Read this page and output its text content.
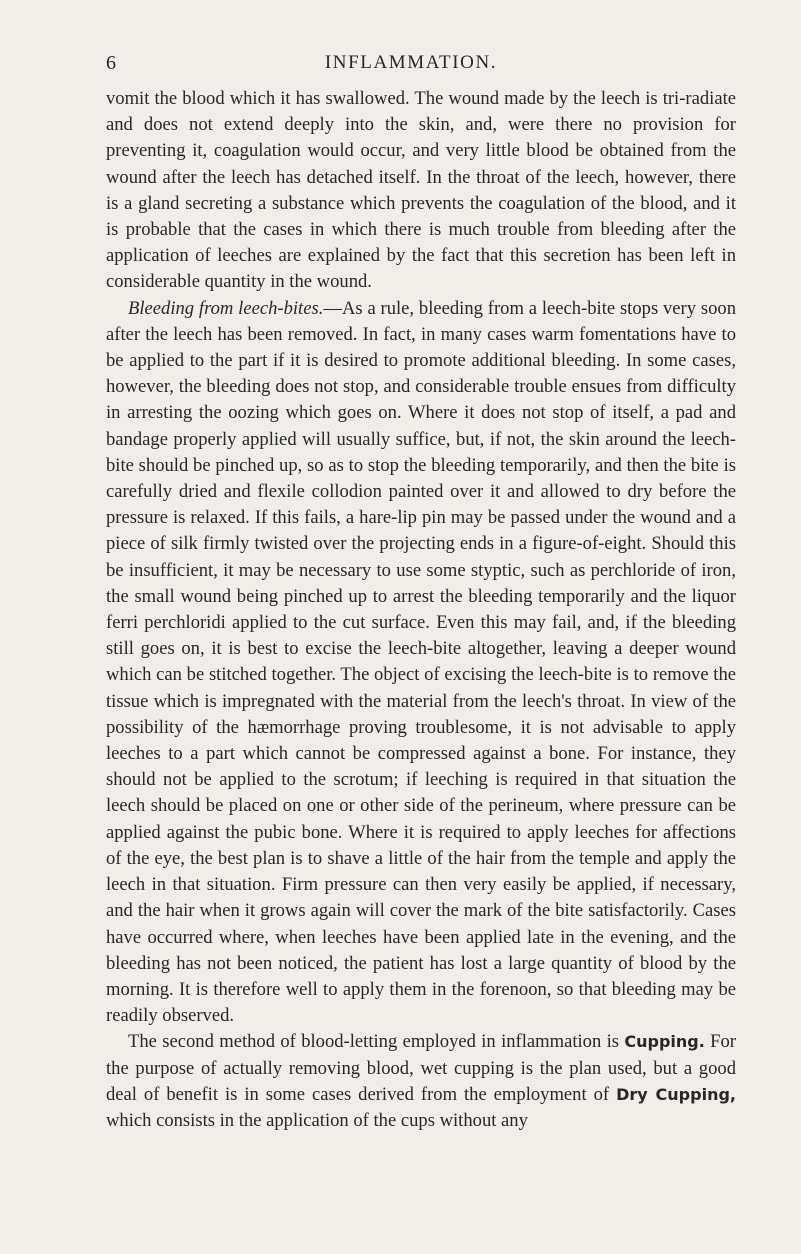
6	INFLAMMATION.

vomit the blood which it has swallowed. The wound made by the leech is tri-radiate and does not extend deeply into the skin, and, were there no provision for preventing it, coagulation would occur, and very little blood be obtained from the wound after the leech has detached itself. In the throat of the leech, however, there is a gland secreting a substance which prevents the coagulation of the blood, and it is probable that the cases in which there is much trouble from bleeding after the application of leeches are explained by the fact that this secretion has been left in considerable quantity in the wound.

Bleeding from leech-bites.—As a rule, bleeding from a leech-bite stops very soon after the leech has been removed. In fact, in many cases warm fomentations have to be applied to the part if it is desired to promote additional bleeding. In some cases, however, the bleeding does not stop, and considerable trouble ensues from difficulty in arresting the oozing which goes on. Where it does not stop of itself, a pad and bandage properly applied will usually suffice, but, if not, the skin around the leech-bite should be pinched up, so as to stop the bleeding temporarily, and then the bite is carefully dried and flexile collodion painted over it and allowed to dry before the pressure is relaxed. If this fails, a hare-lip pin may be passed under the wound and a piece of silk firmly twisted over the projecting ends in a figure-of-eight. Should this be insufficient, it may be necessary to use some styptic, such as perchloride of iron, the small wound being pinched up to arrest the bleeding temporarily and the liquor ferri perchloridi applied to the cut surface. Even this may fail, and, if the bleeding still goes on, it is best to excise the leech-bite altogether, leaving a deeper wound which can be stitched together. The object of excising the leech-bite is to remove the tissue which is impregnated with the material from the leech's throat. In view of the possibility of the hæmorrhage proving troublesome, it is not advisable to apply leeches to a part which cannot be compressed against a bone. For instance, they should not be applied to the scrotum; if leeching is required in that situation the leech should be placed on one or other side of the perineum, where pressure can be applied against the pubic bone. Where it is required to apply leeches for affections of the eye, the best plan is to shave a little of the hair from the temple and apply the leech in that situation. Firm pressure can then very easily be applied, if necessary, and the hair when it grows again will cover the mark of the bite satisfactorily. Cases have occurred where, when leeches have been applied late in the evening, and the bleeding has not been noticed, the patient has lost a large quantity of blood by the morning. It is therefore well to apply them in the forenoon, so that bleeding may be readily observed.

The second method of blood-letting employed in inflammation is Cupping. For the purpose of actually removing blood, wet cupping is the plan used, but a good deal of benefit is in some cases derived from the employment of Dry Cupping, which consists in the application of the cups without any
